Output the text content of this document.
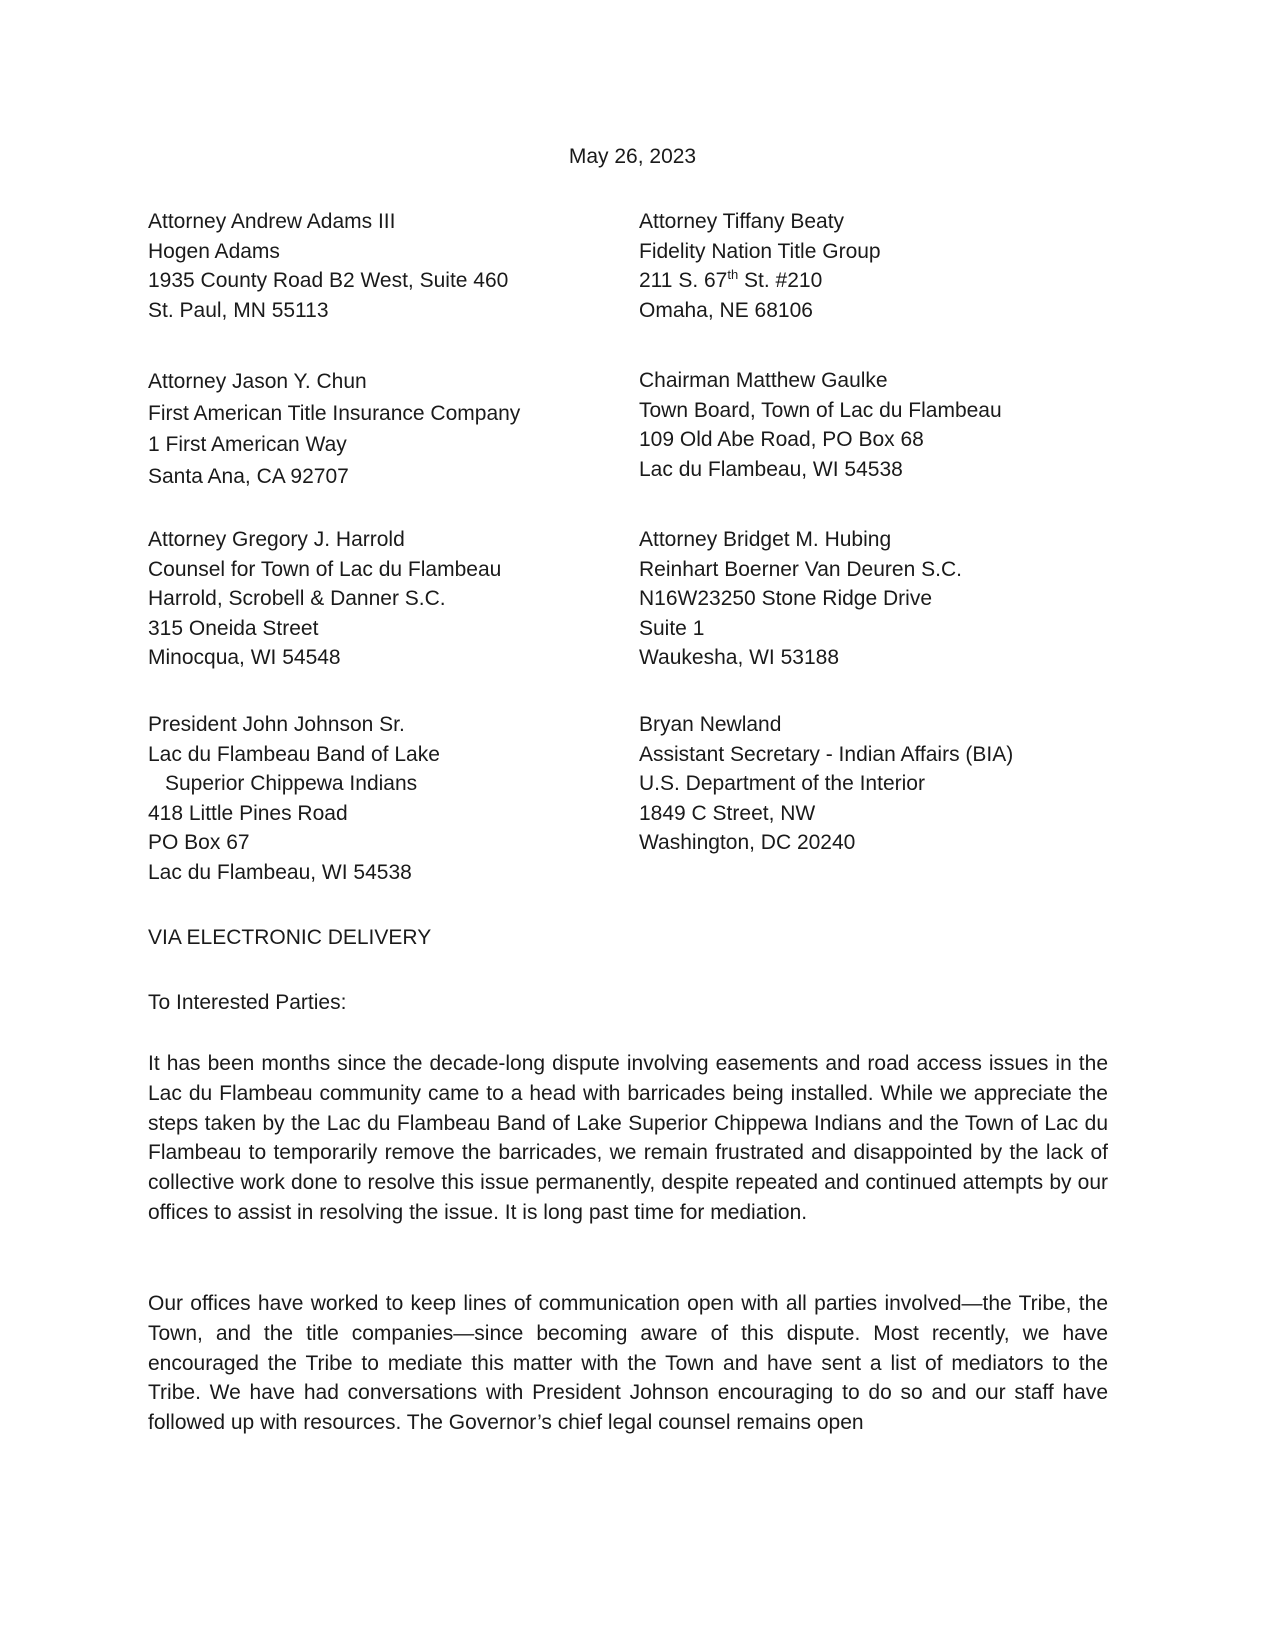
May 26, 2023
Attorney Andrew Adams III
Hogen Adams
1935 County Road B2 West, Suite 460
St. Paul, MN 55113
Attorney Tiffany Beaty
Fidelity Nation Title Group
211 S. 67th St. #210
Omaha, NE 68106
Attorney Jason Y. Chun
First American Title Insurance Company
1 First American Way
Santa Ana, CA 92707
Chairman Matthew Gaulke
Town Board, Town of Lac du Flambeau
109 Old Abe Road, PO Box 68
Lac du Flambeau, WI 54538
Attorney Gregory J. Harrold
Counsel for Town of Lac du Flambeau
Harrold, Scrobell & Danner S.C.
315 Oneida Street
Minocqua, WI 54548
Attorney Bridget M. Hubing
Reinhart Boerner Van Deuren S.C.
N16W23250 Stone Ridge Drive
Suite 1
Waukesha, WI 53188
President John Johnson Sr.
Lac du Flambeau Band of Lake
Superior Chippewa Indians
418 Little Pines Road
PO Box 67
Lac du Flambeau, WI 54538
Bryan Newland
Assistant Secretary - Indian Affairs (BIA)
U.S. Department of the Interior
1849 C Street, NW
Washington, DC 20240
VIA ELECTRONIC DELIVERY
To Interested Parties:

It has been months since the decade-long dispute involving easements and road access issues in the Lac du Flambeau community came to a head with barricades being installed. While we appreciate the steps taken by the Lac du Flambeau Band of Lake Superior Chippewa Indians and the Town of Lac du Flambeau to temporarily remove the barricades, we remain frustrated and disappointed by the lack of collective work done to resolve this issue permanently, despite repeated and continued attempts by our offices to assist in resolving the issue. It is long past time for mediation.

Our offices have worked to keep lines of communication open with all parties involved—the Tribe, the Town, and the title companies—since becoming aware of this dispute. Most recently, we have encouraged the Tribe to mediate this matter with the Town and have sent a list of mediators to the Tribe. We have had conversations with President Johnson encouraging to do so and our staff have followed up with resources. The Governor’s chief legal counsel remains open
